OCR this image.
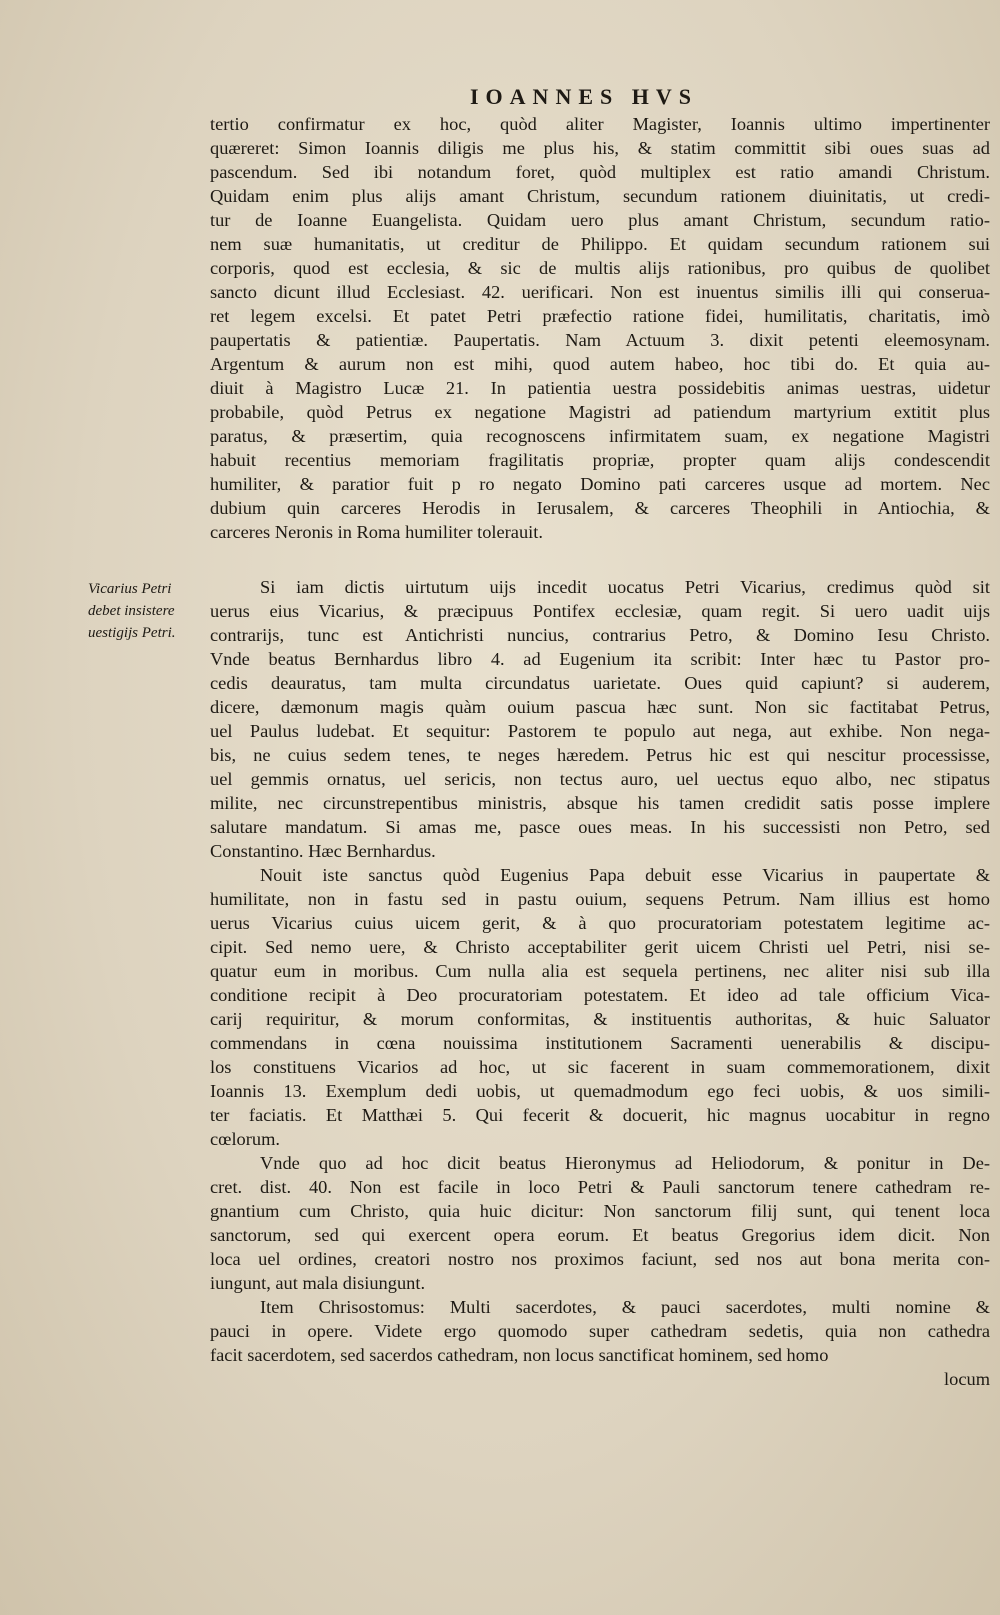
IOANNES HVS
Vicarius Petri
debet insistere
uestigijs Petri.
tertio confirmatur ex hoc, quòd aliter Magister, Ioannis ultimo impertinenter
quæreret: Simon Ioannis diligis me plus his, & statim committit sibi oues suas ad
pascendum. Sed ibi notandum foret, quòd multiplex est ratio amandi Christum.
Quidam enim plus alijs amant Christum, secundum rationem diuinitatis, ut credi-
tur de Ioanne Euangelista. Quidam uero plus amant Christum, secundum ratio-
nem suæ humanitatis, ut creditur de Philippo. Et quidam secundum rationem sui
corporis, quod est ecclesia, & sic de multis alijs rationibus, pro quibus de quolibet
sancto dicunt illud Ecclesiast. 42. uerificari. Non est inuentus similis illi qui conserua-
ret legem excelsi. Et patet Petri præfectio ratione fidei, humilitatis, charitatis, imò
paupertatis & patientiæ. Paupertatis. Nam Actuum 3. dixit petenti eleemosynam.
Argentum & aurum non est mihi, quod autem habeo, hoc tibi do. Et quia au-
diuit à Magistro Lucæ 21. In patientia uestra possidebitis animas uestras, uidetur
probabile, quòd Petrus ex negatione Magistri ad patiendum martyrium extitit plus
paratus, & præsertim, quia recognoscens infirmitatem suam, ex negatione Magistri
habuit recentius memoriam fragilitatis propriæ, propter quam alijs condescendit
humiliter, & paratior fuit p ro negato Domino pati carceres usque ad mortem. Nec
dubium quin carceres Herodis in Ierusalem, & carceres Theophili in Antiochia, &
carceres Neronis in Roma humiliter tolerauit.
Si iam dictis uirtutum uijs incedit uocatus Petri Vicarius, credimus quòd sit
uerus eius Vicarius, & præcipuus Pontifex ecclesiæ, quam regit. Si uero uadit uijs
contrarijs, tunc est Antichristi nuncius, contrarius Petro, & Domino Iesu Christo.
Vnde beatus Bernhardus libro 4. ad Eugenium ita scribit: Inter hæc tu Pastor pro-
cedis deauratus, tam multa circundatus uarietate. Oues quid capiunt? si auderem,
dicere, dæmonum magis quàm ouium pascua hæc sunt. Non sic factitabat Petrus,
uel Paulus ludebat. Et sequitur: Pastorem te populo aut nega, aut exhibe. Non nega-
bis, ne cuius sedem tenes, te neges hæredem. Petrus hic est qui nescitur processisse,
uel gemmis ornatus, uel sericis, non tectus auro, uel uectus equo albo, nec stipatus
milite, nec circunstrepentibus ministris, absque his tamen credidit satis posse implere
salutare mandatum. Si amas me, pasce oues meas. In his successisti non Petro, sed
Constantino. Hæc Bernhardus.
Nouit iste sanctus quòd Eugenius Papa debuit esse Vicarius in paupertate &
humilitate, non in fastu sed in pastu ouium, sequens Petrum. Nam illius est homo
uerus Vicarius cuius uicem gerit, & à quo procuratoriam potestatem legitime ac-
cipit. Sed nemo uere, & Christo acceptabiliter gerit uicem Christi uel Petri, nisi se-
quatur eum in moribus. Cum nulla alia est sequela pertinens, nec aliter nisi sub illa
conditione recipit à Deo procuratoriam potestatem. Et ideo ad tale officium Vica-
carij requiritur, & morum conformitas, & instituentis authoritas, & huic Saluator
commendans in cœna nouissima institutionem Sacramenti uenerabilis & discipu-
los constituens Vicarios ad hoc, ut sic facerent in suam commemorationem, dixit
Ioannis 13. Exemplum dedi uobis, ut quemadmodum ego feci uobis, & uos simili-
ter faciatis. Et Matthæi 5. Qui fecerit & docuerit, hic magnus uocabitur in regno
cœlorum.
Vnde quo ad hoc dicit beatus Hieronymus ad Heliodorum, & ponitur in De-
cret. dist. 40. Non est facile in loco Petri & Pauli sanctorum tenere cathedram re-
gnantium cum Christo, quia huic dicitur: Non sanctorum filij sunt, qui tenent loca
sanctorum, sed qui exercent opera eorum. Et beatus Gregorius idem dicit. Non
loca uel ordines, creatori nostro nos proximos faciunt, sed nos aut bona merita con-
iungunt, aut mala disiungunt.
Item Chrisostomus: Multi sacerdotes, & pauci sacerdotes, multi nomine &
pauci in opere. Videte ergo quomodo super cathedram sedetis, quia non cathedra
facit sacerdotem, sed sacerdos cathedram, non locus sanctificat hominem, sed homo
locum
